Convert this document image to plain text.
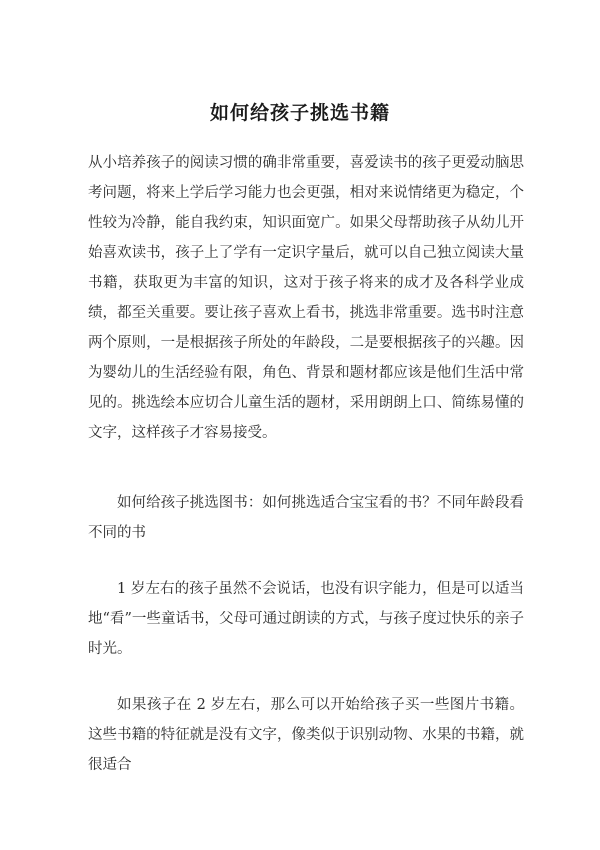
如何给孩子挑选书籍

从小培养孩子的阅读习惯的确非常重要，喜爱读书的孩子更爱动脑思考问题，将来上学后学习能力也会更强，相对来说情绪更为稳定，个性较为冷静，能自我约束，知识面宽广。如果父母帮助孩子从幼儿开始喜欢读书，孩子上了学有一定识字量后，就可以自己独立阅读大量书籍，获取更为丰富的知识，这对于孩子将来的成才及各科学业成绩，都至关重要。要让孩子喜欢上看书，挑选非常重要。选书时注意两个原则，一是根据孩子所处的年龄段，二是要根据孩子的兴趣。因为婴幼儿的生活经验有限，角色、背景和题材都应该是他们生活中常见的。挑选绘本应切合儿童生活的题材，采用朗朗上口、简练易懂的文字，这样孩子才容易接受。

如何给孩子挑选图书：如何挑选适合宝宝看的书？不同年龄段看不同的书

1 岁左右的孩子虽然不会说话，也没有识字能力，但是可以适当地“看”一些童话书，父母可通过朗读的方式，与孩子度过快乐的亲子时光。

如果孩子在 2 岁左右，那么可以开始给孩子买一些图片书籍。这些书籍的特征就是没有文字，像类似于识别动物、水果的书籍，就很适合
